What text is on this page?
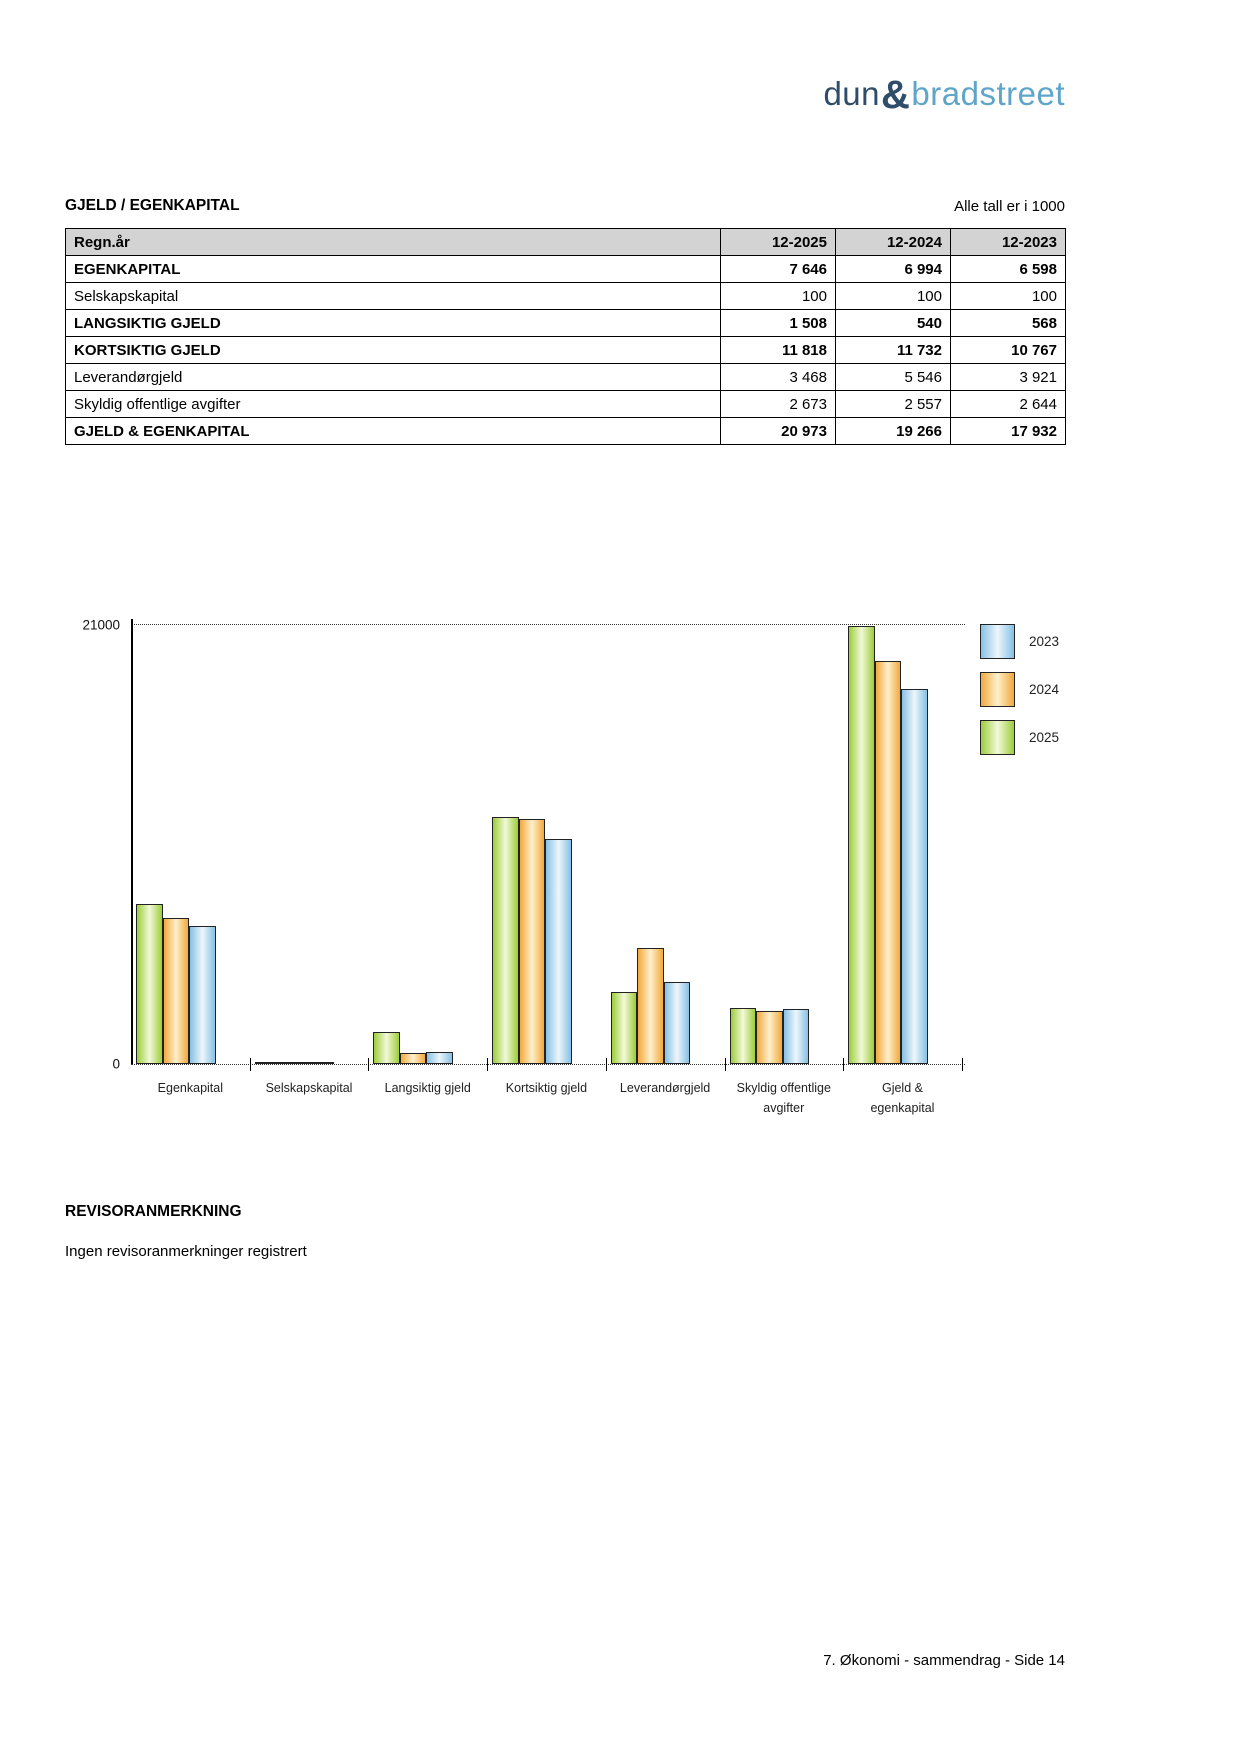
dun&bradstreet
GJELD / EGENKAPITAL	Alle tall er i 1000
Regn.år	12-2025	12-2024	12-2023
EGENKAPITAL	7 646	6 994	6 598
Selskapskapital	100	100	100
LANGSIKTIG GJELD	1 508	540	568
KORTSIKTIG GJELD	11 818	11 732	10 767
Leverandørgjeld	3 468	5 546	3 921
Skyldig offentlige avgifter	2 673	2 557	2 644
GJELD & EGENKAPITAL	20 973	19 266	17 932
21000
0
Egenkapital	Selskapskapital	Langsiktig gjeld	Kortsiktig gjeld	Leverandørgjeld	Skyldig offentlige avgifter
Gjeld & egenkapital
2023
2024
2025
REVISORANMERKNING
Ingen revisoranmerkninger registrert
7. Økonomi - sammendrag - Side 14
